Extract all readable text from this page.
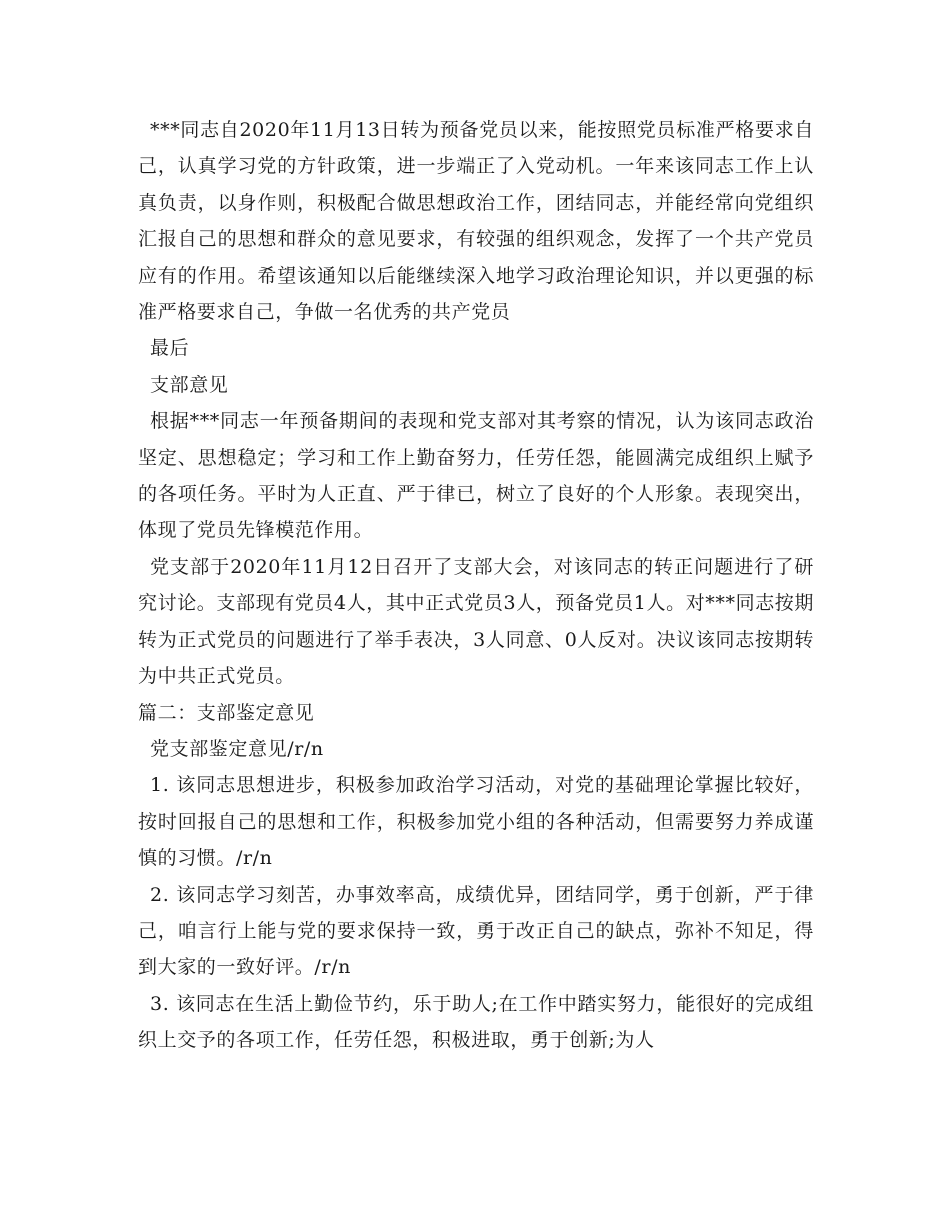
***同志自2020年11月13日转为预备党员以来，能按照党员标准严格要求自己，认真学习党的方针政策，进一步端正了入党动机。一年来该同志工作上认真负责，以身作则，积极配合做思想政治工作，团结同志，并能经常向党组织汇报自己的思想和群众的意见要求，有较强的组织观念，发挥了一个共产党员应有的作用。希望该通知以后能继续深入地学习政治理论知识，并以更强的标准严格要求自己，争做一名优秀的共产党员

最后

支部意见

根据***同志一年预备期间的表现和党支部对其考察的情况，认为该同志政治坚定、思想稳定；学习和工作上勤奋努力，任劳任怨，能圆满完成组织上赋予的各项任务。平时为人正直、严于律已，树立了良好的个人形象。表现突出，体现了党员先锋模范作用。

党支部于2020年11月12日召开了支部大会，对该同志的转正问题进行了研究讨论。支部现有党员4人，其中正式党员3人，预备党员1人。对***同志按期转为正式党员的问题进行了举手表决，3人同意、0人反对。决议该同志按期转为中共正式党员。

篇二：支部鉴定意见

党支部鉴定意见/r/n

1. 该同志思想进步，积极参加政治学习活动，对党的基础理论掌握比较好，按时回报自己的思想和工作，积极参加党小组的各种活动，但需要努力养成谨慎的习惯。/r/n

2. 该同志学习刻苦，办事效率高，成绩优异，团结同学，勇于创新，严于律己，咱言行上能与党的要求保持一致，勇于改正自己的缺点，弥补不知足，得到大家的一致好评。/r/n

3. 该同志在生活上勤俭节约，乐于助人;在工作中踏实努力，能很好的完成组织上交予的各项工作，任劳任怨，积极进取，勇于创新;为人
